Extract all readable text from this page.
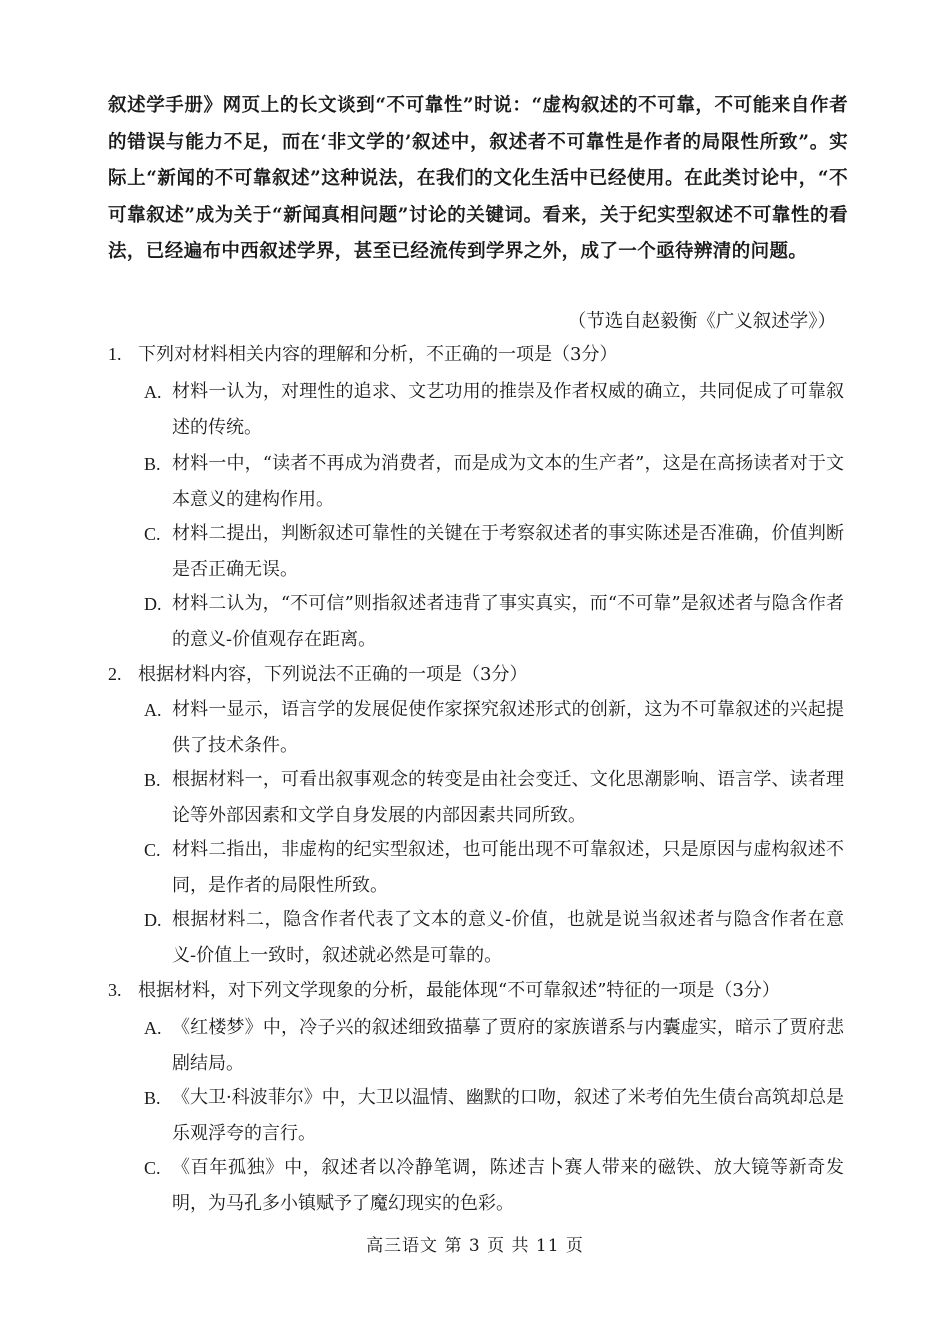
叙述学手册》网页上的长文谈到“不可靠性”时说：“虚构叙述的不可靠，不可能来自作者的错误与能力不足，而在‘非文学的’叙述中，叙述者不可靠性是作者的局限性所致”。实际上“新闻的不可靠叙述”这种说法，在我们的文化生活中已经使用。在此类讨论中，“不可靠叙述”成为关于“新闻真相问题”讨论的关键词。看来，关于纪实型叙述不可靠性的看法，已经遍布中西叙述学界，甚至已经流传到学界之外，成了一个亟待辨清的问题。
（节选自赵毅衡《广义叙述学》）
1. 下列对材料相关内容的理解和分析，不正确的一项是（3分）
A. 材料一认为，对理性的追求、文艺功用的推崇及作者权威的确立，共同促成了可靠叙述的传统。
B. 材料一中，“读者不再成为消费者，而是成为文本的生产者”，这是在高扬读者对于文本意义的建构作用。
C. 材料二提出，判断叙述可靠性的关键在于考察叙述者的事实陈述是否准确，价值判断是否正确无误。
D. 材料二认为，“不可信”则指叙述者违背了事实真实，而“不可靠”是叙述者与隐含作者的意义-价值观存在距离。
2. 根据材料内容，下列说法不正确的一项是（3分）
A. 材料一显示，语言学的发展促使作家探究叙述形式的创新，这为不可靠叙述的兴起提供了技术条件。
B. 根据材料一，可看出叙事观念的转变是由社会变迁、文化思潮影响、语言学、读者理论等外部因素和文学自身发展的内部因素共同所致。
C. 材料二指出，非虚构的纪实型叙述，也可能出现不可靠叙述，只是原因与虚构叙述不同，是作者的局限性所致。
D. 根据材料二，隐含作者代表了文本的意义-价值，也就是说当叙述者与隐含作者在意义-价值上一致时，叙述就必然是可靠的。
3. 根据材料，对下列文学现象的分析，最能体现“不可靠叙述”特征的一项是（3分）
A. 《红楼梦》中，冷子兴的叙述细致描摹了贾府的家族谱系与内囊虚实，暗示了贾府悲剧结局。
B. 《大卫·科波菲尔》中，大卫以温情、幽默的口吻，叙述了米考伯先生债台高筑却总是乐观浮夸的言行。
C. 《百年孤独》中，叙述者以冷静笔调，陈述吉卜赛人带来的磁铁、放大镜等新奇发明，为马孔多小镇赋予了魔幻现实的色彩。
高三语文 第 3 页 共 11 页
